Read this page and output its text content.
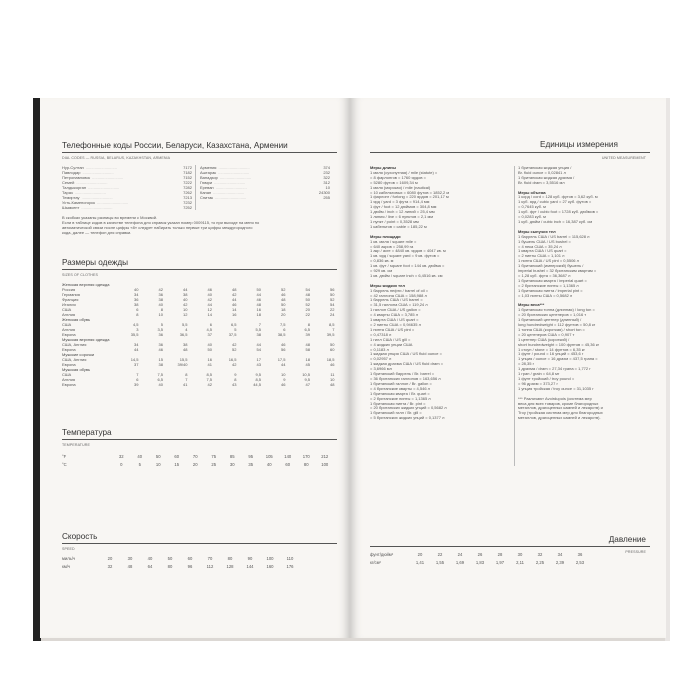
Телефонные коды России, Беларуси, Казахстана, Армении
DIAL CODES — RUSSIA, BELARUS, KAZAKHSTAN, ARMENIA
Нур-Султан ............................	7172
Павлодар ............................	7182
Петропавловск ............................	7152
Семей ............................	7222
Талдыкорган ............................	7282
Тараз ............................	7262
Темиртау ............................	7213
Усть-Каменогорск ............................	7232
Шымкент ............................	7252
Армения ............................	374
Аштарак ............................	232
Ванадзор ............................	322
Гюмри ............................	312
Ереван ............................	10
Капан ............................	24300
Спитак ............................	255
В скобках указаны разницы во времени с Москвой.
Если в таблице кодов в качестве телефона для справок указан номер 0009115, то при выходе на меня по
автоматической связи после цифры «8» следует набирать только первые три цифры междугородного
кода, далее — телефон для справки.
Размеры одежды
SIZES OF CLOTHES
Женская верхняя одежда
Россия	40	42	44	46	48	50	52	54	56
Германия	34	36	38	40	42	44	46	48	50
Франция	36	38	40	42	44	46	48	50	52
Италия	38	40	42	44	46	48	50	52	54
США	6	8	10	12	14	16	18	20	22
Англия	8	10	12	14	16	18	20	22	24
Женская обувь
США	4,5	5	5,5	6	6,5	7	7,5	8	8,5
Англия	3	3,5	4	4,5	5	5,5	6	6,5	7
Европа	35,5	36	36,5	37	37,5	38	38,5	39	39,5
Мужская верхняя одежда
США, Англия	34	36	38	40	42	44	46	48	50
Европа	44	46	48	50	52	54	56	58	60
Мужские сорочки
США, Англия	14,5	15	15,5	16	16,5	17	17,5	18	18,5
Европа	37	38	39/40	41	42	43	44	45	46
Мужская обувь
США	7	7,5	8	8,5	9	9,5	10	10,5	11
Англия	6	6,5	7	7,5	8	8,5	9	9,5	10
Европа	39	40	41	42	43	44,5	46	47	48
Температура
TEMPERATURE
°F	32	40	50	60	70	75	85	95	105	140	170	212
°C	0	5	10	15	20	25	30	35	40	60	80	100
Скорость
SPEED
миль/ч	20	30	40	50	60	70	80	90	100	110
км/ч	32	48	64	80	96	112	128	144	160	176
Единицы измерения
UNITED MEASUREMENT
Меры длины
1 миля (сухопутная) / mile (statute) =
= 8 фарлонгов = 1760 ярдов =
= 5280 футов = 1609,34 м
1 миля (морская) / mile (nautical)
= 10 кабельтовых = 6080 футов = 1852,2 м
1 фарлонг / furlong = 220 ярдов = 201,17 м
1 ярд / yard = 3 фута = 914,4 мм
1 фут / foot = 12 дюймов = 304,8 мм
1 дюйм / inch = 12 линий = 25,4 мм
1 линия / line = 6 пунктов = 2,1 мм
1 пункт / point = 0,3528 мм
1 кабельтов = cable = 185,22 м

Меры площади
1 кв. миля / square mile =
= 640 акров = 258,99 га
1 акр / acre = 4840 кв. ярдов = 4047 кв. м
1 кв. ярд / square yard = 9 кв. футов =
= 0,836 кв. м
1 кв. фут / square foot = 144 кв. дюйма =
= 929 кв. см
1 кв. дюйм / square inch = 6,4516 кв. см

Меры жидких тел
1 баррель нефти / barrel of oil =
= 42 галлона США = 158,988 л
1 баррель США / US barrel =
= 31,5 галлона США = 119,24 л
1 галлон США / US gallon =
= 4 кварты США = 3,785 л
1 кварта США / US quart =
= 2 пинты США = 0,94635 л
1 пинта США / US pint =
= 0,47318 л
1 гилл США / US gill =
= 4 жидких унции США
= 0,1183 л
1 жидкая унция США / US fluid ounce =
= 0,02957 л
1 жидкая драхма США / US fluid dram =
= 3,6966 мл
1 британский баррель / Br. barrel =
= 36 британских галлонов = 163,656 л
1 британский галлон / Br. gallon =
= 4 британские кварты = 4,546 л
1 британская кварта / Br. quart =
= 2 британские пинты = 1,1365 л
1 британская пинта / Br. pint =
= 20 британских жидких унций = 0,5682 л
1 британский гилл / Br. gill =
= 5 британских жидких унций = 0,1377 л
1 британская жидкая унция /
Br. fluid ounce = 0,02841 л
1 британская жидкая драхма /
Br. fluid dram = 3,5516 мл

Меры объема
1 корд / cord = 128 куб. футов = 3,62 куб. м
1 куб. ярд / cubic yard = 27 куб. футов =
= 0,7645 куб. м
1 куб. фут / cubic foot = 1728 куб. дюймов =
= 0,0283 куб. м
1 куб. дюйм / cubic inch = 16,387 куб. см

Меры сыпучих тел
1 баррель США / US barrel = 115,628 л
1 бушель США / US bushel =
= 4 пека США = 35,24 л
1 кварта США / US quart =
= 2 пинты США = 1,101 л
1 пинта США / US pint = 0,5506 л
1 британский (имперский) бушель /
imperial bushel = 32 британским квартам =
= 1,28 куб. фута = 36,3687 л
1 британская кварта / imperial quart =
= 2 британские пинты = 1,1365 л
1 британская пинта / imperial pint =
= 1,03 пинты США = 0,5682 л

Меры веса***
1 британская тонна (длинная) / long ton =
= 20 британских центнеров = 1,016 т
1 британский центнер (длинный) /
long hundredweight = 112 фунтов = 50,8 кг
1 тонна США (короткая) / short ton =
= 20 центнеров США = 0,907 т
1 центнер США (короткий) /
short hundredweight = 100 фунтов = 45,36 кг
1 стоун / stone = 14 фунтов = 6,35 кг
1 фунт / pound = 16 унций = 453,6 г
1 унция / ounce = 16 драхм = 437,5 грана =
= 28,35 г
1 драхма / dram = 27,34 грана = 1,772 г
1 гран / grain = 64,8 мг
1 фунт тройский / troy pound =
= 96 драхм = 373,27 г
1 унция тройская / troy ounce = 31,1035 г

*** Различают Avoirdupois (система мер
веса для всех товаров, кроме благородных
металлов, драгоценных камней и лекарств) и
Troy (тройская система мер для благородных
металлов, драгоценных камней и лекарств).
Давление
PRESSURE
фунт/дюйм²	20	22	24	26	28	30	32	34	36
кг/см²	1,41	1,55	1,69	1,83	1,97	2,11	2,25	2,39	2,53
